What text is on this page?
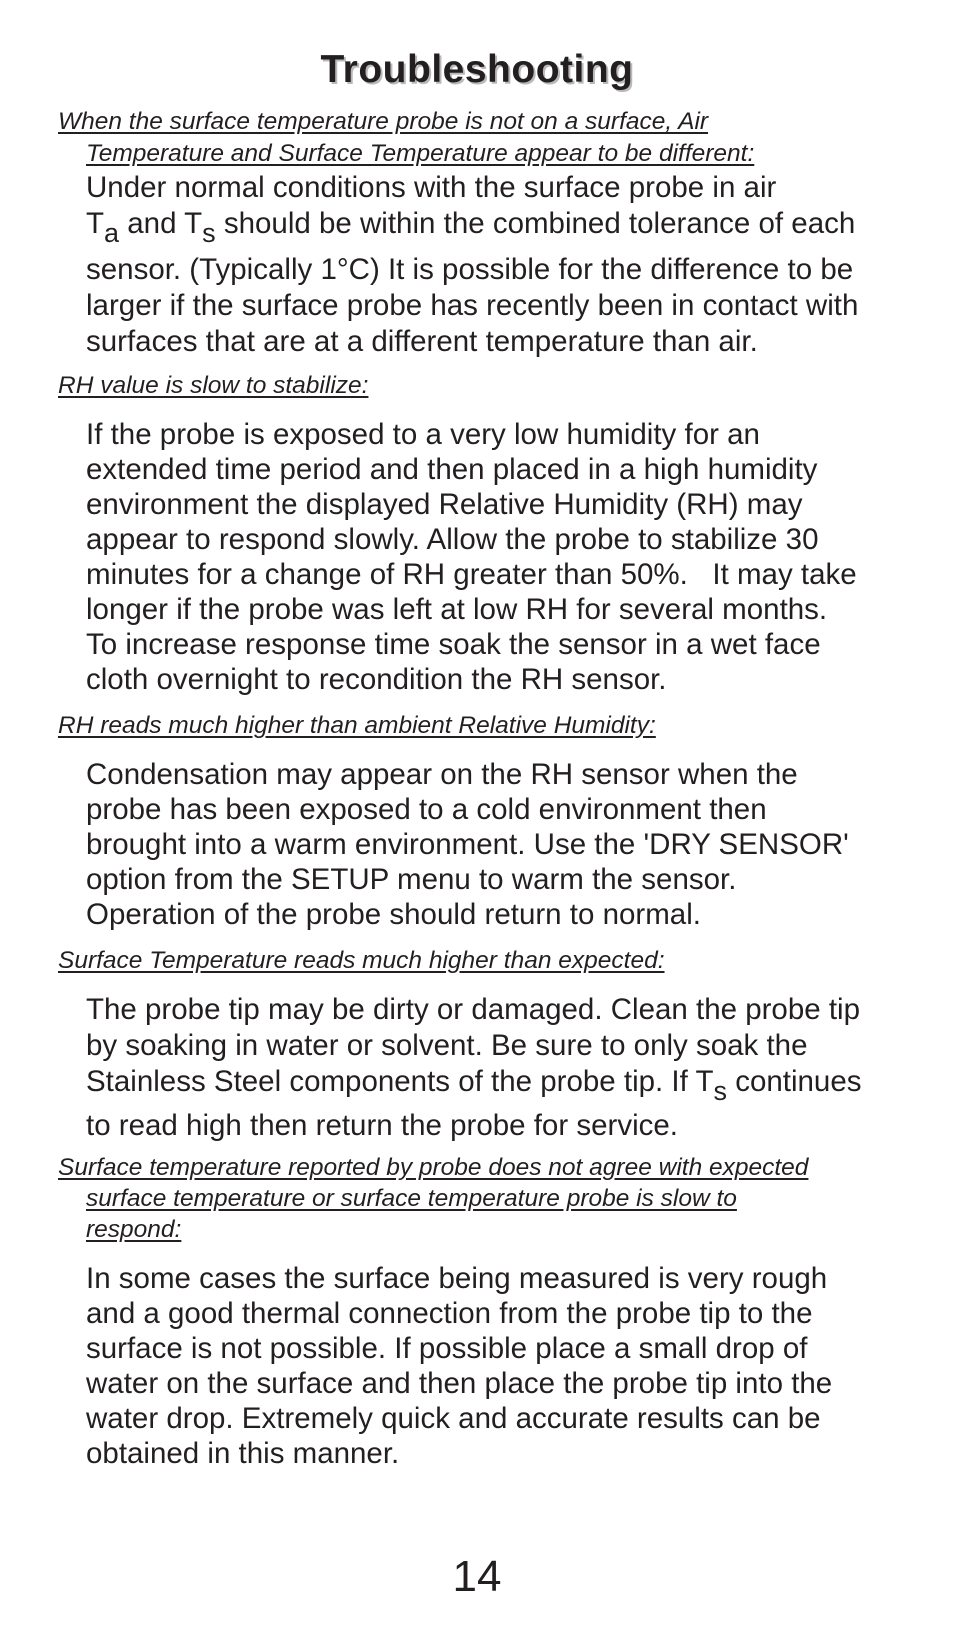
Troubleshooting

When the surface temperature probe is not on a surface, Air
Temperature and Surface Temperature appear to be different:

Under normal conditions with the surface probe in air
Ta and Ts should be within the combined tolerance of each
sensor. (Typically 1°C) It is possible for the difference to be
larger if the surface probe has recently been in contact with
surfaces that are at a different temperature than air.

RH value is slow to stabilize:

If the probe is exposed to a very low humidity for an
extended time period and then placed in a high humidity
environment the displayed Relative Humidity (RH) may
appear to respond slowly. Allow the probe to stabilize 30
minutes for a change of RH greater than 50%.   It may take
longer if the probe was left at low RH for several months.
To increase response time soak the sensor in a wet face
cloth overnight to recondition the RH sensor.

RH reads much higher than ambient Relative Humidity:

Condensation may appear on the RH sensor when the
probe has been exposed to a cold environment then
brought into a warm environment. Use the 'DRY SENSOR'
option from the SETUP menu to warm the sensor.
Operation of the probe should return to normal.

Surface Temperature reads much higher than expected:

The probe tip may be dirty or damaged. Clean the probe tip
by soaking in water or solvent. Be sure to only soak the
Stainless Steel components of the probe tip. If Ts continues
to read high then return the probe for service.

Surface temperature reported by probe does not agree with expected
surface temperature or surface temperature probe is slow to
respond:

In some cases the surface being measured is very rough
and a good thermal connection from the probe tip to the
surface is not possible. If possible place a small drop of
water on the surface and then place the probe tip into the
water drop. Extremely quick and accurate results can be
obtained in this manner.

14
